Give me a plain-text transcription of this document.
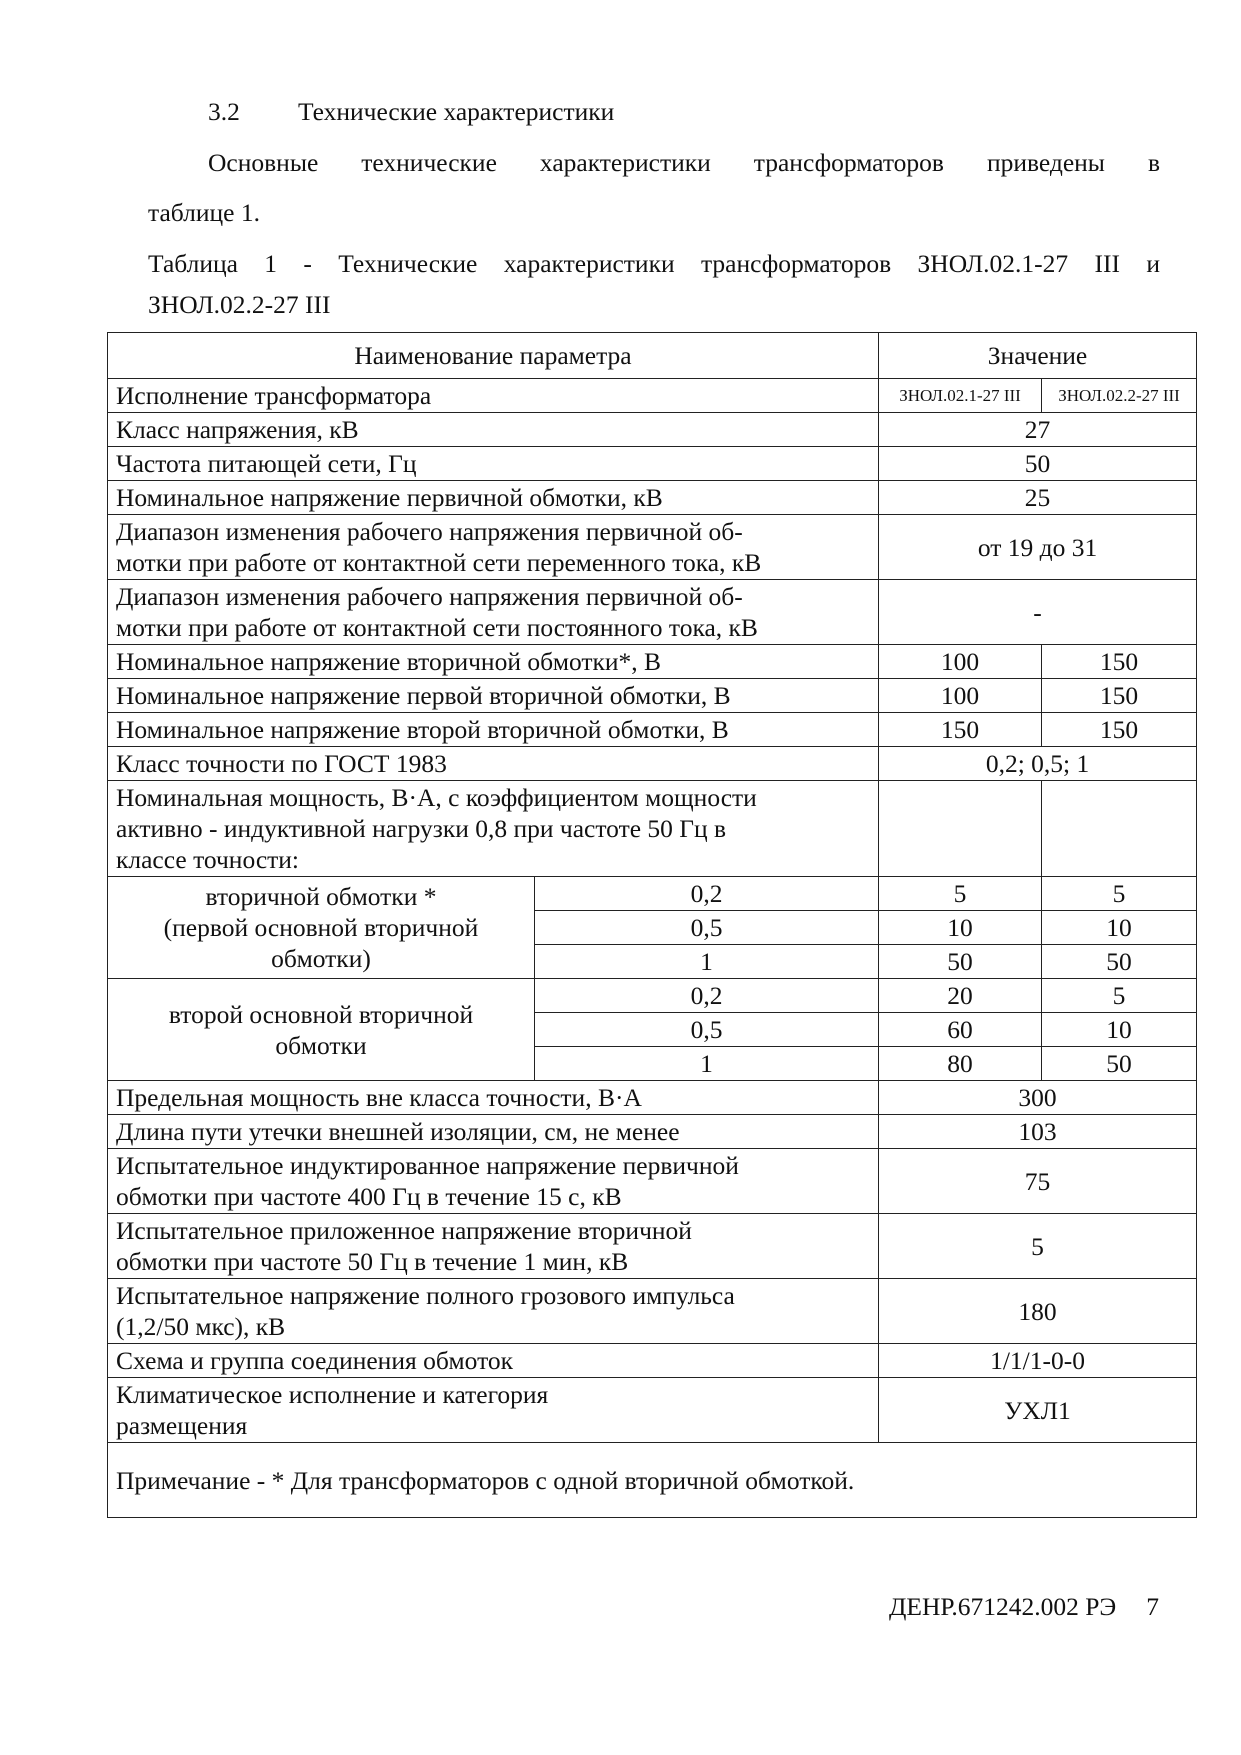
3.2 Технические характеристики
Основные технические характеристики трансформаторов приведены в
таблице 1.
Таблица 1 - Технические характеристики трансформаторов ЗНОЛ.02.1-27 III и
ЗНОЛ.02.2-27 III
Наименование параметра		Значение	
Исполнение трансформатора		ЗНОЛ.02.1-27 III	ЗНОЛ.02.2-27 III
Класс напряжения, кВ		27	
Частота питающей сети, Гц		50	
Номинальное напряжение первичной обмотки, кВ		25	
Диапазон изменения рабочего напряжения первичной об-
мотки при работе от контактной сети переменного тока, кВ		от 19 до 31	
Диапазон изменения рабочего напряжения первичной об-
мотки при работе от контактной сети постоянного тока, кВ		-	
Номинальное напряжение вторичной обмотки*, В		100	150
Номинальное напряжение первой вторичной обмотки, В		100	150
Номинальное напряжение второй вторичной обмотки, В		150	150
Класс точности по ГОСТ 1983		0,2; 0,5; 1	
Номинальная мощность, В·А, с коэффициентом мощности
активно - индуктивной нагрузки 0,8 при частоте 50 Гц в
классе точности:			
вторичной обмотки *
(первой основной вторичной
обмотки)	0,2	5	5
	0,5	10	10
	1	50	50
второй основной вторичной
обмотки	0,2	20	5
	0,5	60	10
	1	80	50
Предельная мощность вне класса точности, В·А		300	
Длина пути утечки внешней изоляции, см, не менее		103	
Испытательное индуктированное напряжение первичной
обмотки при частоте 400 Гц в течение 15 с, кВ		75	
Испытательное приложенное напряжение вторичной
обмотки при частоте 50 Гц в течение 1 мин, кВ		5	
Испытательное напряжение полного грозового импульса
(1,2/50 мкс), кВ		180	
Схема и группа соединения обмоток		1/1/1-0-0	
Климатическое исполнение и категория
размещения		УХЛ1	
Примечание - * Для трансформаторов с одной вторичной обмоткой.			
ДЕНР.671242.002 РЭ 7
